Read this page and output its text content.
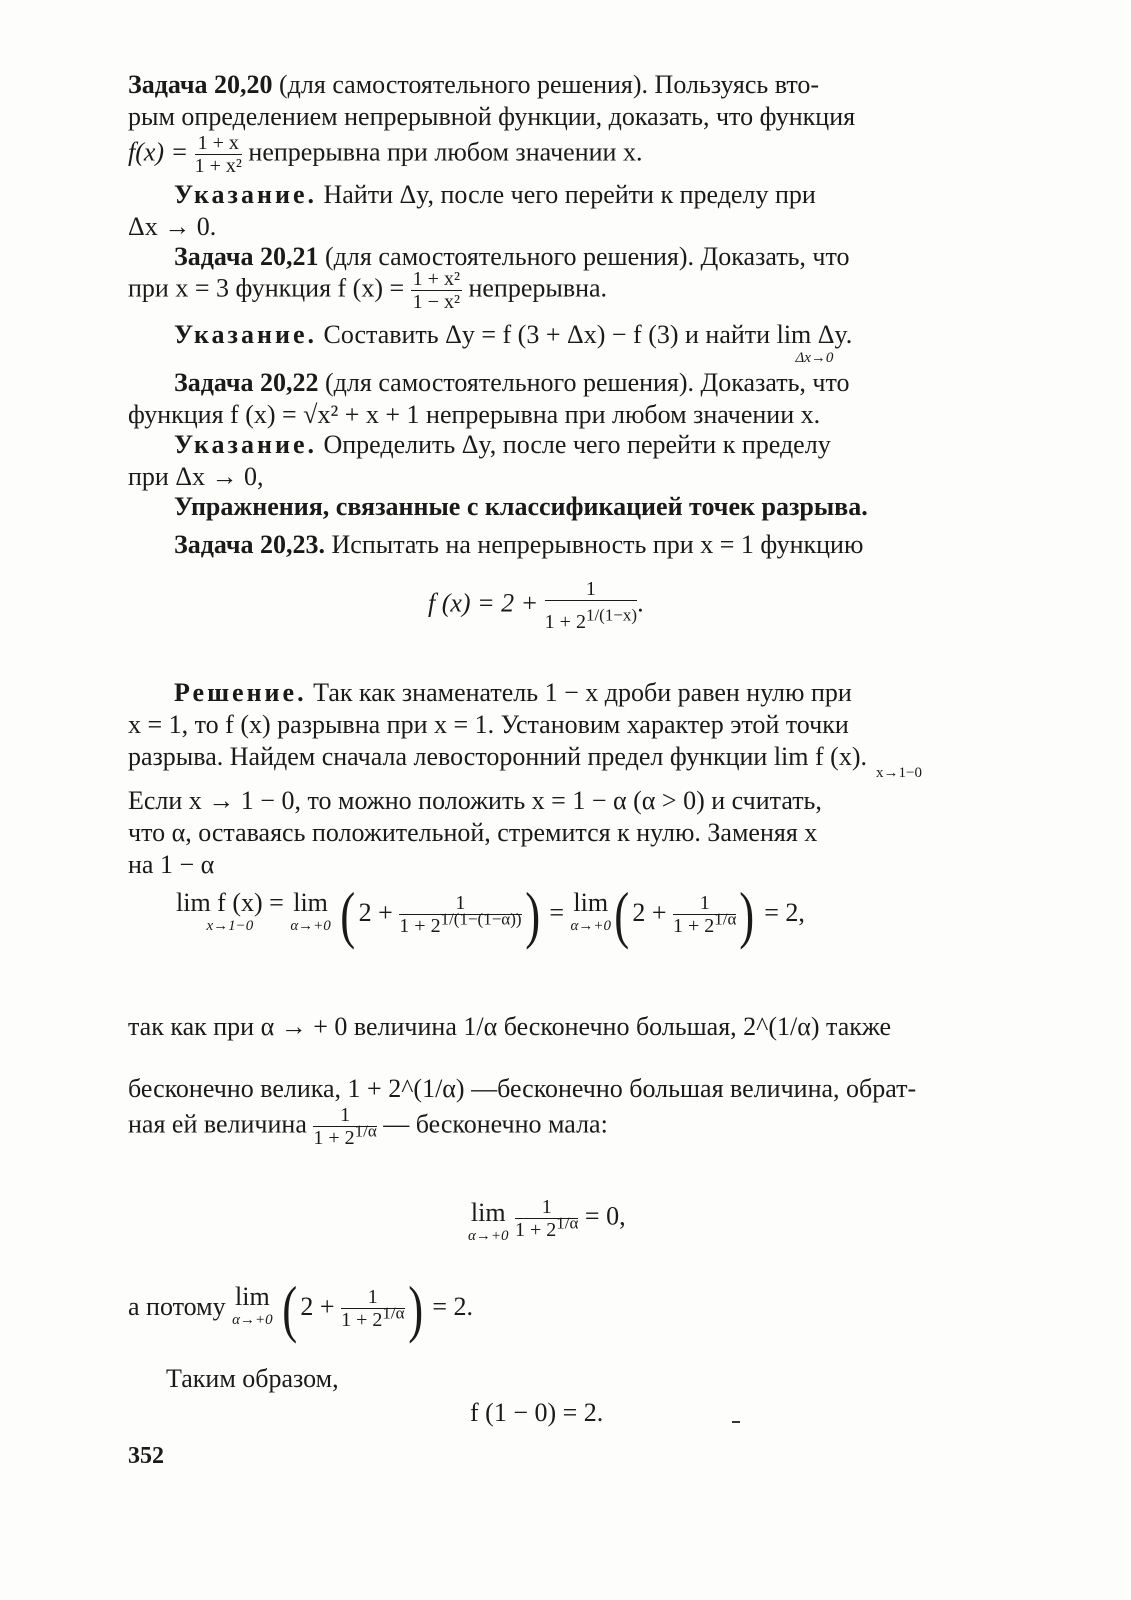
Задача 20,20 (для самостоятельного решения). Пользуясь вто-
рым определением непрерывной функции, доказать, что функция
$f(x) = \frac{1 + x}{\text{1 + x²}}$ непрерывна при любом значении x.
Указание. Найти Δy, после чего перейти к пределу при
Δx → 0.
Задача 20,21 (для самостоятельного решения). Доказать, что
при x = 3 функция f $(x) = \frac{\text{1 + x²}}{\text{1 − x²}}$ непрерывна.
Указание. Составить Δy = f (3 + Δx) − f (3) и найти lim Δy.
Δx→0
Задача 20,22 (для самостоятельного решения). Доказать, что
функция f (x) = √x² + x + 1 непрерывна при любом значении x.
Указание. Определить Δy, после чего перейти к пределу
при Δx → 0,
Упражнения, связанные с классификацией точек разрыва.
Задача 20,23. Испытать на непрерывность при x = 1 функцию
f $(x) = 2 + \frac{1}{1 + 2^{1/(1-x)}}$ .
Решение. Так как знаменатель 1 − x дроби равен нулю при
x = 1, то f (x) разрывна при x = 1. Установим характер этой точки
разрыва. Найдем сначала левосторонний предел функции lim f (x).
x→1−0
Если x → 1 − 0, то можно положить x = 1 − α (α > 0) и считать,
что α, оставаясь положительной, стремится к нулю. Заменяя x
на 1 − α
lim f (x) =
x→1−0
lim
α→+0 ( $2 + \frac{1}{1 + 2^{1/(1-(1-\alpha))}}$ ) = lim
α→+0 ( $2 + \frac{1}{1 + 2^{1/\alpha}}$ ) = 2,
так как при α → + 0 величина 1/α бесконечно большая, 2^(1/α) также
бесконечно велика, 1 + 2^(1/α) —бесконечно большая величина, обрат-
ная ей величина $\frac{1}{1 + 2^{1/\alpha}}$ — бесконечно мала:
lim
α→+0
$\frac{1}{1 + 2^{1/\alpha}} = 0$,
а потому lim
α→+0 ( $2 + \frac{1}{1 + 2^{1/\alpha}}$ ) = 2.
Таким образом,
f (1 − 0) = 2.
352
